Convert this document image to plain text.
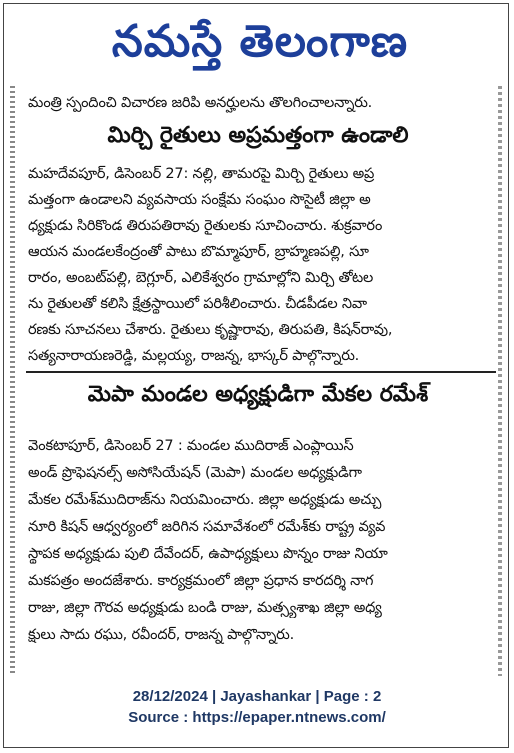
నమస్తే తెలంగాణ
మంత్రి స్పందించి విచారణ జరిపి అనర్హులను తొలగించాలన్నారు.
మిర్చి రైతులు అప్రమత్తంగా ఉండాలి
మహదేవపూర్, డిసెంబర్ 27: నల్లి, తామరపై మిర్చి రైతులు అప్ర
మత్తంగా ఉండాలని వ్యవసాయ సంక్షేమ సంఘం సొసైటీ జిల్లా అ
ధ్యక్షుడు సిరికొండ తిరుపతిరావు రైతులకు సూచించారు. శుక్రవారం
ఆయన మండలకేంద్రంతో పాటు బొమ్మాపూర్, బ్రాహ్మణపల్లి, సూ
రారం, అంబట్‌పల్లి, బెగ్లూర్, ఎలికేశ్వరం గ్రామాల్లోని మిర్చి తోటల
ను రైతులతో కలిసి క్షేత్రస్థాయిలో పరిశీలించారు. చీడపీడల నివా
రణకు సూచనలు చేశారు. రైతులు కృష్ణారావు, తిరుపతి, కిషన్‌రావు,
సత్యనారాయణరెడ్డి, మల్లయ్య, రాజన్న, భాస్కర్ పాల్గొన్నారు.
మెపా మండల అధ్యక్షుడిగా మేకల రమేశ్
వెంకటాపూర్, డిసెంబర్ 27 : మండల ముదిరాజ్ ఎంప్లాయిస్
అండ్ ప్రొఫెషనల్స్ అసోసియేషన్ (మెపా) మండల అధ్యక్షుడిగా
మేకల రమేశ్‌ముదిరాజ్‌ను నియమించారు. జిల్లా అధ్యక్షుడు అచ్చు
నూరి కిషన్ ఆధ్వర్యంలో జరిగిన సమావేశంలో రమేశ్‌కు రాష్ట్ర వ్యవ
స్థాపక అధ్యక్షుడు పులి దేవేందర్, ఉపాధ్యక్షులు పొన్నం రాజు నియా
మకపత్రం అందజేశారు. కార్యక్రమంలో జిల్లా ప్రధాన కారదర్శి నాగ
రాజు, జిల్లా గౌరవ అధ్యక్షుడు బండి రాజు, మత్స్యశాఖ జిల్లా అధ్య
క్షులు సాదు రఘు, రవీందర్, రాజన్న పాల్గొన్నారు.
28/12/2024 | Jayashankar | Page : 2
Source : https://epaper.ntnews.com/
